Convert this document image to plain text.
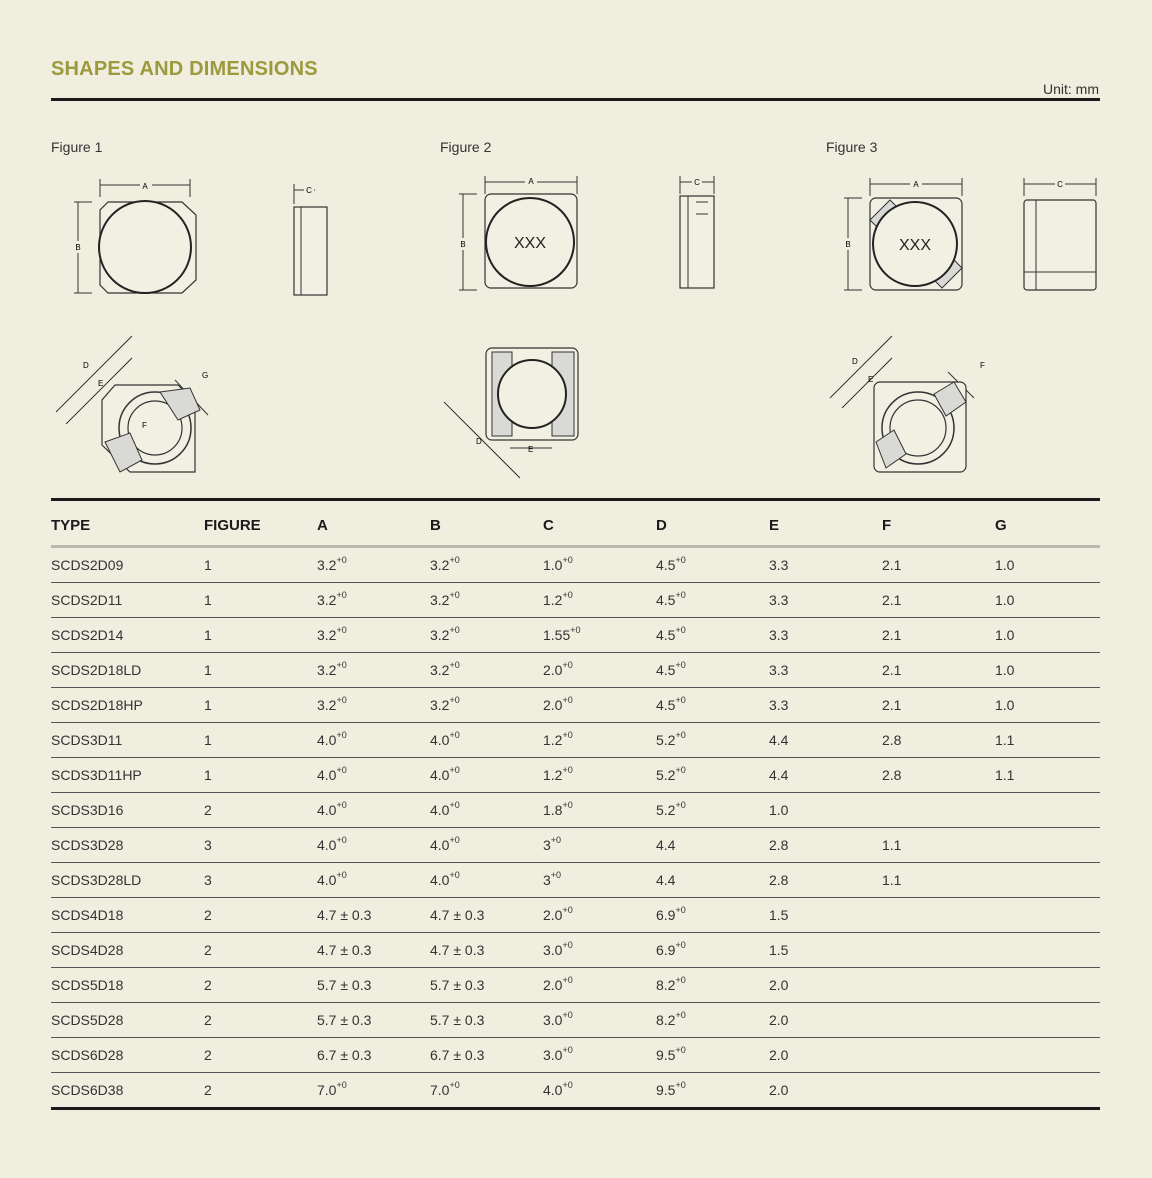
SHAPES AND DIMENSIONS
Unit: mm
Figure 1	Figure 2	Figure 3
A
B
C
D
E
G
F
A
B	XXX
C
D
E
A
B	XXX
C
D
E
F
TYPE	FIGURE	A	B	C	D	E	F	G
SCDS2D09	1	$3.2^{+0}$	$3.2^{+0}$	$1.0^{+0}$	$4.5^{+0}$	3.3	2.1	1.0
SCDS2D11	1	$3.2^{+0}$	$3.2^{+0}$	$1.2^{+0}$	$4.5^{+0}$	3.3	2.1	1.0
SCDS2D14	1	$3.2^{+0}$	$3.2^{+0}$	$1.55^{+0}$	$4.5^{+0}$	3.3	2.1	1.0
SCDS2D18LD	1	$3.2^{+0}$	$3.2^{+0}$	$2.0^{+0}$	$4.5^{+0}$	3.3	2.1	1.0
SCDS2D18HP	1	$3.2^{+0}$	$3.2^{+0}$	$2.0^{+0}$	$4.5^{+0}$	3.3	2.1	1.0
SCDS3D11	1	$4.0^{+0}$	$4.0^{+0}$	$1.2^{+0}$	$5.2^{+0}$	4.4	2.8	1.1
SCDS3D11HP	1	$4.0^{+0}$	$4.0^{+0}$	$1.2^{+0}$	$5.2^{+0}$	4.4	2.8	1.1
SCDS3D16	2	$4.0^{+0}$	$4.0^{+0}$	$1.8^{+0}$	$5.2^{+0}$	1.0		
SCDS3D28	3	$4.0^{+0}$	$4.0^{+0}$	$3^{+0}$	4.4	2.8	1.1	
SCDS3D28LD	3	$4.0^{+0}$	$4.0^{+0}$	$3^{+0}$	4.4	2.8	1.1	
SCDS4D18	2	4.7 ± 0.3	4.7 ± 0.3	$2.0^{+0}$	$6.9^{+0}$	1.5		
SCDS4D28	2	4.7 ± 0.3	4.7 ± 0.3	$3.0^{+0}$	$6.9^{+0}$	1.5		
SCDS5D18	2	5.7 ± 0.3	5.7 ± 0.3	$2.0^{+0}$	$8.2^{+0}$	2.0		
SCDS5D28	2	5.7 ± 0.3	5.7 ± 0.3	$3.0^{+0}$	$8.2^{+0}$	2.0		
SCDS6D28	2	6.7 ± 0.3	6.7 ± 0.3	$3.0^{+0}$	$9.5^{+0}$	2.0		
SCDS6D38	2	$7.0^{+0}$	$7.0^{+0}$	$4.0^{+0}$	$9.5^{+0}$	2.0		
